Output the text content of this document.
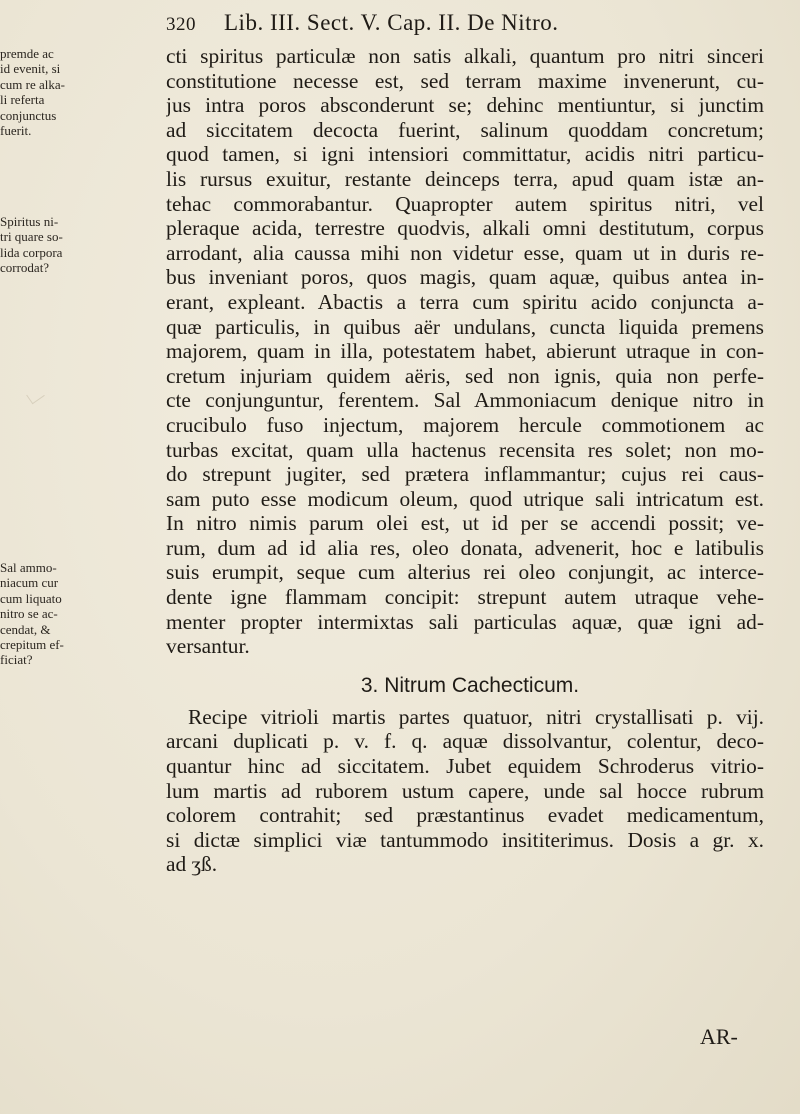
320 Lib. III. Sect. V. Cap. II. De Nitro.
premde ac
id evenit, si
cum re alka-
li referta
conjunctus
fuerit.
Spiritus ni-
tri quare so-
lida corpora
corrodat?
Sal ammo-
niacum cur
cum liquato
nitro se ac-
cendat, &
crepitum ef-
ficiat?
cti spiritus particulæ non satis alkali, quantum pro nitri sinceri
constitutione necesse est, sed terram maxime invenerunt, cu-
jus intra poros absconderunt se; dehinc mentiuntur, si junctim
ad siccitatem decocta fuerint, salinum quoddam concretum;
quod tamen, si igni intensiori committatur, acidis nitri particu-
lis rursus exuitur, restante deinceps terra, apud quam istæ an-
tehac commorabantur. Quapropter autem spiritus nitri, vel
pleraque acida, terrestre quodvis, alkali omni destitutum, corpus
arrodant, alia caussa mihi non videtur esse, quam ut in duris re-
bus inveniant poros, quos magis, quam aquæ, quibus antea in-
erant, expleant. Abactis a terra cum spiritu acido conjuncta a-
quæ particulis, in quibus aër undulans, cuncta liquida premens
majorem, quam in illa, potestatem habet, abierunt utraque in con-
cretum injuriam quidem aëris, sed non ignis, quia non perfe-
cte conjunguntur, ferentem. Sal Ammoniacum denique nitro in
crucibulo fuso injectum, majorem hercule commotionem ac
turbas excitat, quam ulla hactenus recensita res solet; non mo-
do strepunt jugiter, sed prætera inflammantur; cujus rei caus-
sam puto esse modicum oleum, quod utrique sali intricatum est.
In nitro nimis parum olei est, ut id per se accendi possit; ve-
rum, dum ad id alia res, oleo donata, advenerit, hoc e latibulis
suis erumpit, seque cum alterius rei oleo conjungit, ac interce-
dente igne flammam concipit: strepunt autem utraque vehe-
menter propter intermixtas sali particulas aquæ, quæ igni ad-
versantur.
3. Nitrum Cachecticum.
Recipe vitrioli martis partes quatuor, nitri crystallisati p. vij.
arcani duplicati p. v. f. q. aquæ dissolvantur, colentur, deco-
quantur hinc ad siccitatem. Jubet equidem Schroderus vitrio-
lum martis ad ruborem ustum capere, unde sal hocce rubrum
colorem contrahit; sed præstantinus evadet medicamentum,
si dictæ simplici viæ tantummodo insititerimus. Dosis a gr. x.
ad ʒß.
AR-
